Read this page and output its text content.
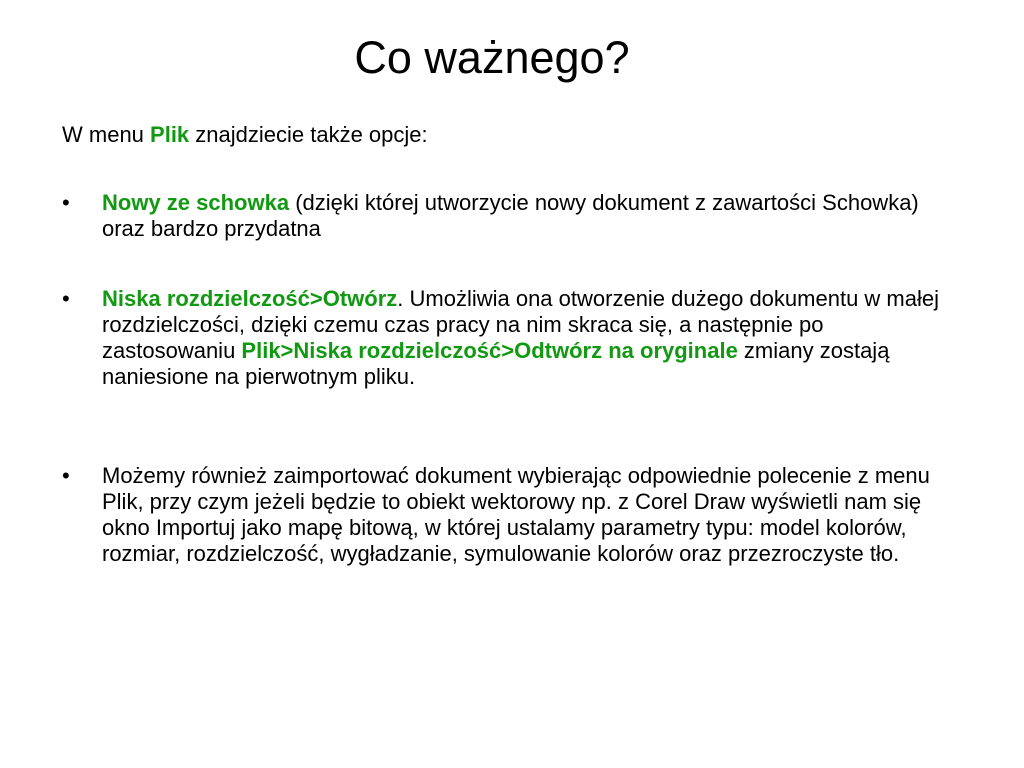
Co ważnego?
W menu Plik znajdziecie także opcje:
• Nowy ze schowka (dzięki której utworzycie nowy dokument z zawartości Schowka) oraz bardzo przydatna
• Niska rozdzielczość>Otwórz. Umożliwia ona otworzenie dużego dokumentu w małej rozdzielczości, dzięki czemu czas pracy na nim skraca się, a następnie po zastosowaniu Plik>Niska rozdzielczość>Odtwórz na oryginale zmiany zostają naniesione na pierwotnym pliku.
• Możemy również zaimportować dokument wybierając odpowiednie polecenie z menu Plik, przy czym jeżeli będzie to obiekt wektorowy np. z Corel Draw wyświetli nam się okno Importuj jako mapę bitową, w której ustalamy parametry typu: model kolorów, rozmiar, rozdzielczość, wygładzanie, symulowanie kolorów oraz przezroczyste tło.
